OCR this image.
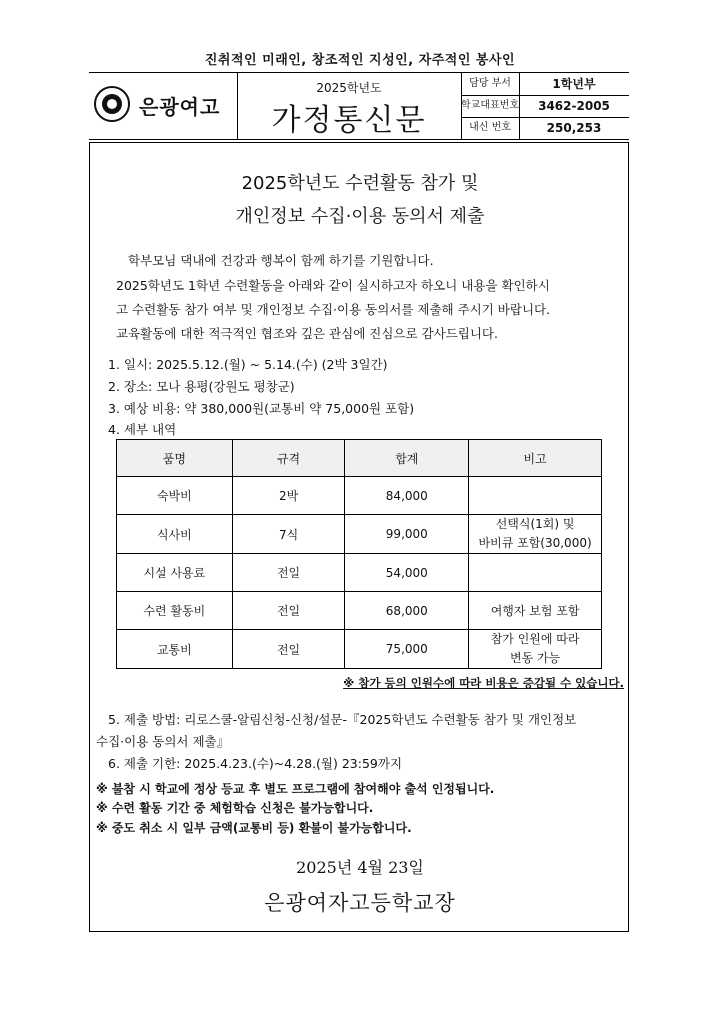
진취적인 미래인, 창조적인 지성인, 자주적인 봉사인
은광여고
2025학년도
가정통신문
담당 부서	1학년부
학교대표번호	3462-2005
내신 번호	250,253
2025학년도 수련활동 참가 및
개인정보 수집·이용 동의서 제출
학부모님 댁내에 건강과 행복이 함께 하기를 기원합니다.
2025학년도 1학년 수련활동을 아래와 같이 실시하고자 하오니 내용을 확인하시
고 수련활동 참가 여부 및 개인정보 수집·이용 동의서를 제출해 주시기 바랍니다.
교육활동에 대한 적극적인 협조와 깊은 관심에 진심으로 감사드립니다.
1. 일시: 2025.5.12.(월) ~ 5.14.(수) (2박 3일간)
2. 장소: 모나 용평(강원도 평창군)
3. 예상 비용: 약 380,000원(교통비 약 75,000원 포함)
4. 세부 내역
품명	규격	합계	비고
숙박비	2박	84,000	
식사비	7식	99,000	선택식(1회) 및
바비큐 포함(30,000)

시설 사용료	전일	54,000	
수련 활동비	전일	68,000	여행자 보험 포함
교통비	전일	75,000	참가 인원에 따라
변동 가능
※ 참가 등의 인원수에 따라 비용은 증감될 수 있습니다.
5. 제출 방법: 리로스쿨-알림신청-신청/설문-『2025학년도 수련활동 참가 및 개인정보
수집·이용 동의서 제출』
6. 제출 기한: 2025.4.23.(수)~4.28.(월) 23:59까지
※ 불참 시 학교에 정상 등교 후 별도 프로그램에 참여해야 출석 인정됩니다.
※ 수련 활동 기간 중 체험학습 신청은 불가능합니다.
※ 중도 취소 시 일부 금액(교통비 등) 환불이 불가능합니다.
2025년 4월 23일
은광여자고등학교장
